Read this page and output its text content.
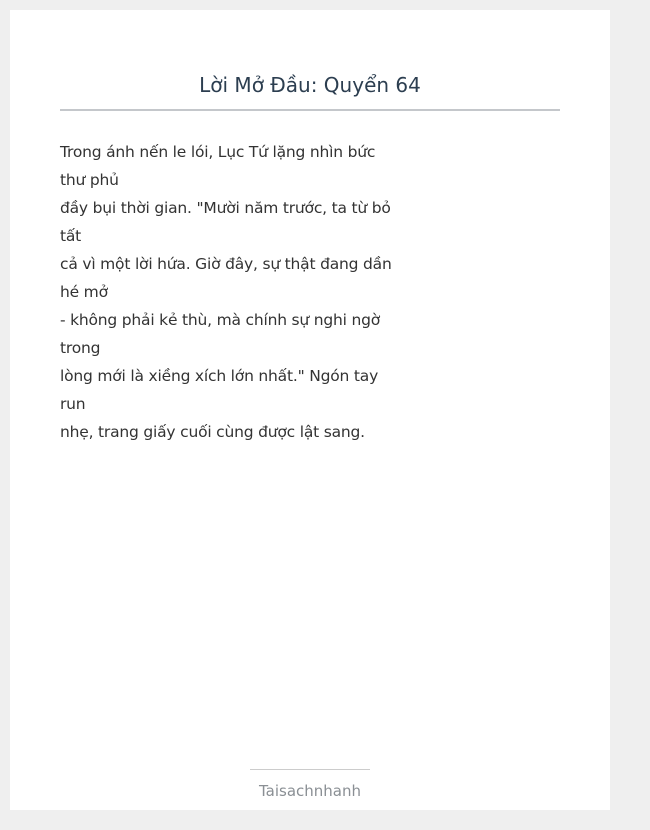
Lời Mở Đầu: Quyển 64
Trong ánh nến le lói, Lục Tứ lặng nhìn bức
thư phủ
đầy bụi thời gian. "Mười năm trước, ta từ bỏ
tất
cả vì một lời hứa. Giờ đây, sự thật đang dần
hé mở
- không phải kẻ thù, mà chính sự nghi ngờ
trong
lòng mới là xiềng xích lớn nhất." Ngón tay
run
nhẹ, trang giấy cuối cùng được lật sang.
Taisachnhanh
